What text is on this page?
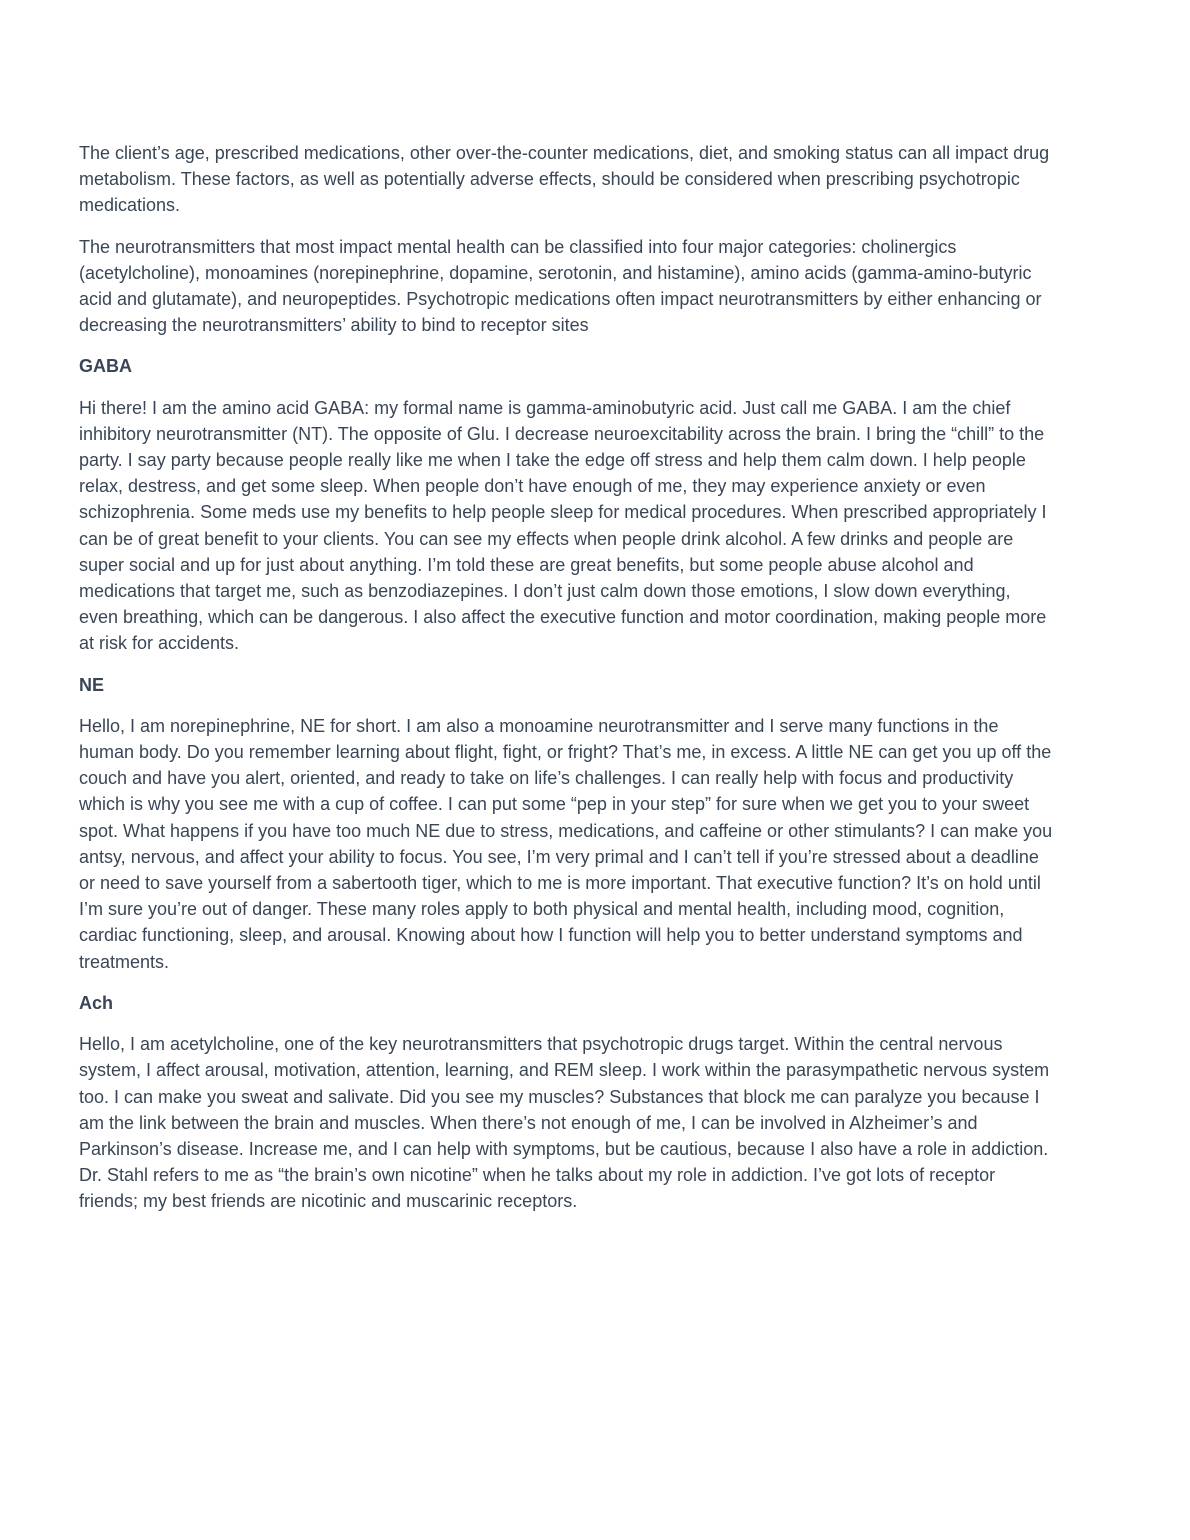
The client’s age, prescribed medications, other over-the-counter medications, diet, and smoking status can all impact drug metabolism. These factors, as well as potentially adverse effects, should be considered when prescribing psychotropic medications.

The neurotransmitters that most impact mental health can be classified into four major categories: cholinergics (acetylcholine), monoamines (norepinephrine, dopamine, serotonin, and histamine), amino acids (gamma-amino-butyric acid and glutamate), and neuropeptides. Psychotropic medications often impact neurotransmitters by either enhancing or decreasing the neurotransmitters’ ability to bind to receptor sites

GABA

Hi there! I am the amino acid GABA: my formal name is gamma-aminobutyric acid. Just call me GABA. I am the chief inhibitory neurotransmitter (NT). The opposite of Glu. I decrease neuroexcitability across the brain. I bring the “chill” to the party. I say party because people really like me when I take the edge off stress and help them calm down. I help people relax, destress, and get some sleep. When people don’t have enough of me, they may experience anxiety or even schizophrenia. Some meds use my benefits to help people sleep for medical procedures. When prescribed appropriately I can be of great benefit to your clients. You can see my effects when people drink alcohol. A few drinks and people are super social and up for just about anything. I’m told these are great benefits, but some people abuse alcohol and medications that target me, such as benzodiazepines. I don’t just calm down those emotions, I slow down everything, even breathing, which can be dangerous. I also affect the executive function and motor coordination, making people more at risk for accidents.

NE

Hello, I am norepinephrine, NE for short. I am also a monoamine neurotransmitter and I serve many functions in the human body. Do you remember learning about flight, fight, or fright? That’s me, in excess. A little NE can get you up off the couch and have you alert, oriented, and ready to take on life’s challenges. I can really help with focus and productivity which is why you see me with a cup of coffee. I can put some “pep in your step” for sure when we get you to your sweet spot. What happens if you have too much NE due to stress, medications, and caffeine or other stimulants? I can make you antsy, nervous, and affect your ability to focus. You see, I’m very primal and I can’t tell if you’re stressed about a deadline or need to save yourself from a sabertooth tiger, which to me is more important. That executive function? It’s on hold until I’m sure you’re out of danger. These many roles apply to both physical and mental health, including mood, cognition, cardiac functioning, sleep, and arousal. Knowing about how I function will help you to better understand symptoms and treatments.

Ach

Hello, I am acetylcholine, one of the key neurotransmitters that psychotropic drugs target. Within the central nervous system, I affect arousal, motivation, attention, learning, and REM sleep. I work within the parasympathetic nervous system too. I can make you sweat and salivate. Did you see my muscles? Substances that block me can paralyze you because I am the link between the brain and muscles. When there’s not enough of me, I can be involved in Alzheimer’s and Parkinson’s disease. Increase me, and I can help with symptoms, but be cautious, because I also have a role in addiction. Dr. Stahl refers to me as “the brain’s own nicotine” when he talks about my role in addiction. I’ve got lots of receptor friends; my best friends are nicotinic and muscarinic receptors.
